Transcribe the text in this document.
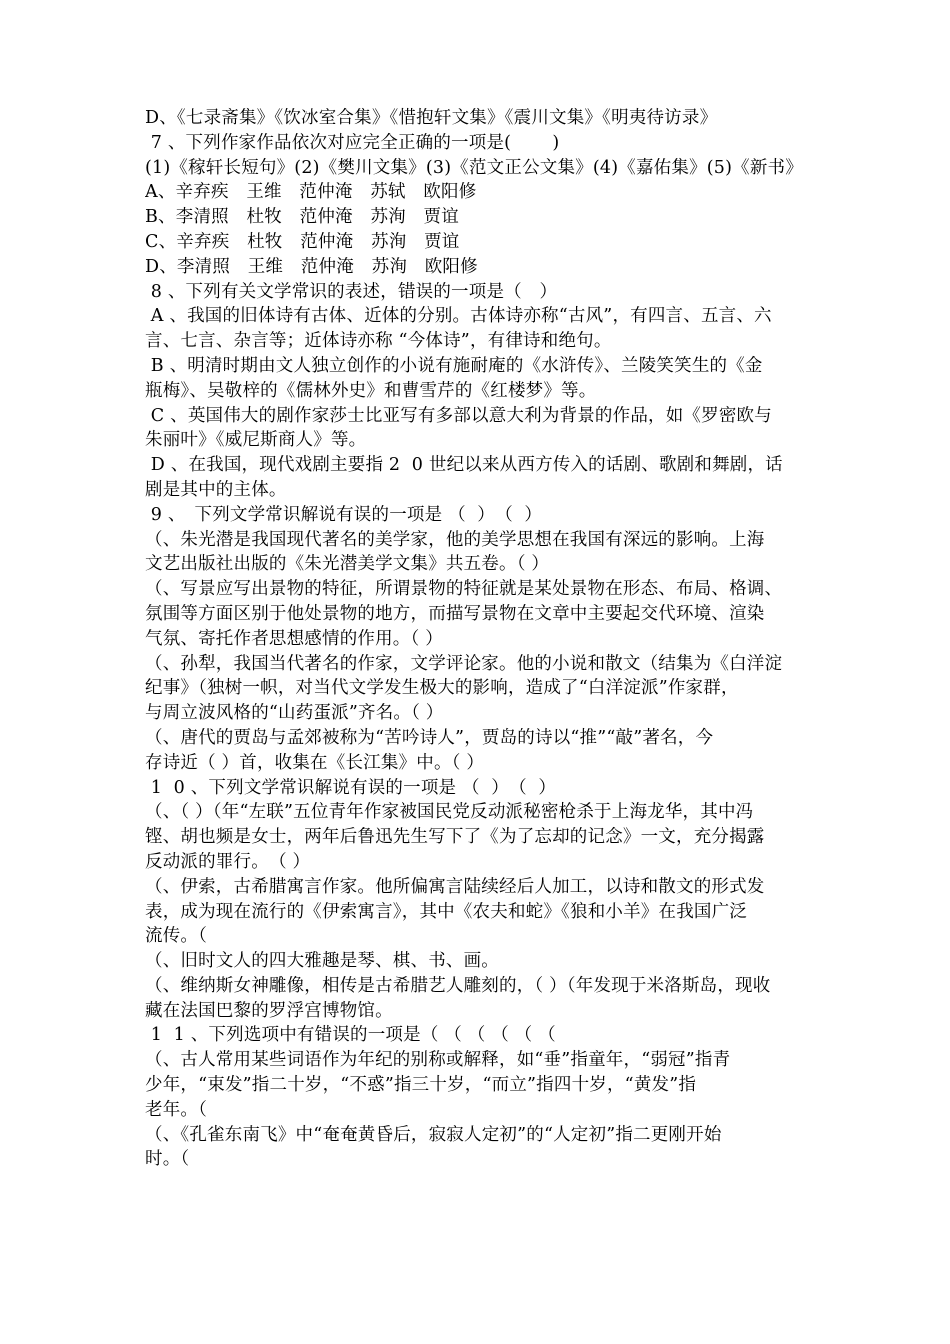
D、《七录斋集》《饮冰室合集》《惜抱轩文集》《震川文集》《明夷待访录》
7 、下列作家作品依次对应完全正确的一项是(　　 )
(1)《稼轩长短句》(2)《樊川文集》(3)《范文正公文集》(4)《嘉佑集》(5)《新书》
A、辛弃疾　王维　范仲淹　苏轼　欧阳修
B、李清照　杜牧　范仲淹　苏洵　贾谊
C、辛弃疾　杜牧　范仲淹　苏洵　贾谊
D、李清照　王维　范仲淹　苏洵　欧阳修
8 、下列有关文学常识的表述，错误的一项是（　）
A 、我国的旧体诗有古体、近体的分别。古体诗亦称“古风”，有四言、五言、六
言、七言、杂言等；近体诗亦称 “今体诗”，有律诗和绝句。
B 、明清时期由文人独立创作的小说有施耐庵的《水浒传》、兰陵笑笑生的《金
瓶梅》、吴敬梓的《儒林外史》和曹雪芹的《红楼梦》等。
C 、英国伟大的剧作家莎士比亚写有多部以意大利为背景的作品，如《罗密欧与
朱丽叶》《威尼斯商人》等。
D 、在我国，现代戏剧主要指 2  0 世纪以来从西方传入的话剧、歌剧和舞剧，话
剧是其中的主体。
9 、　下列文学常识解说有误的一项是 （  ）　（  ）
（、朱光潜是我国现代著名的美学家，他的美学思想在我国有深远的影响。上海
文艺出版社出版的《朱光潜美学文集》共五卷。（ ）
（、写景应写出景物的特征，所谓景物的特征就是某处景物在形态、布局、格调、
氛围等方面区别于他处景物的地方，而描写景物在文章中主要起交代环境、渲染
气氛、寄托作者思想感情的作用。（ ）
（、孙犁，我国当代著名的作家，文学评论家。他的小说和散文（结集为《白洋淀
纪事》（独树一帜，对当代文学发生极大的影响，造成了“白洋淀派”作家群，
与周立波风格的“山药蛋派”齐名。（ ）
（、唐代的贾岛与孟郊被称为“苦吟诗人”，贾岛的诗以“推”“敲”著名，今
存诗近（ ）首，收集在《长江集》中。（ ）
1  0 、下列文学常识解说有误的一项是 （  ）　（  ）
（、（ ）（年“左联”五位青年作家被国民党反动派秘密枪杀于上海龙华，其中冯
铿、胡也频是女士，两年后鲁迅先生写下了《为了忘却的记念》一文，充分揭露
反动派的罪行。　（ ）
（、伊索，古希腊寓言作家。他所偏寓言陆续经后人加工，以诗和散文的形式发
表，成为现在流行的《伊索寓言》，其中《农夫和蛇》《狼和小羊》在我国广泛
流传。（
（、旧时文人的四大雅趣是琴、棋、书、画。
（、维纳斯女神雕像，相传是古希腊艺人雕刻的，（ ）（年发现于米洛斯岛，现收
藏在法国巴黎的罗浮宫博物馆。
1  1 、下列选项中有错误的一项是（ （ （ （ （ （
（、古人常用某些词语作为年纪的别称或解释，如“垂”指童年，“弱冠”指青
少年，“束发”指二十岁，“不惑”指三十岁，“而立”指四十岁，“黄发”指
老年。（
（、《孔雀东南飞》中“奄奄黄昏后，寂寂人定初”的“人定初”指二更刚开始
时。（
